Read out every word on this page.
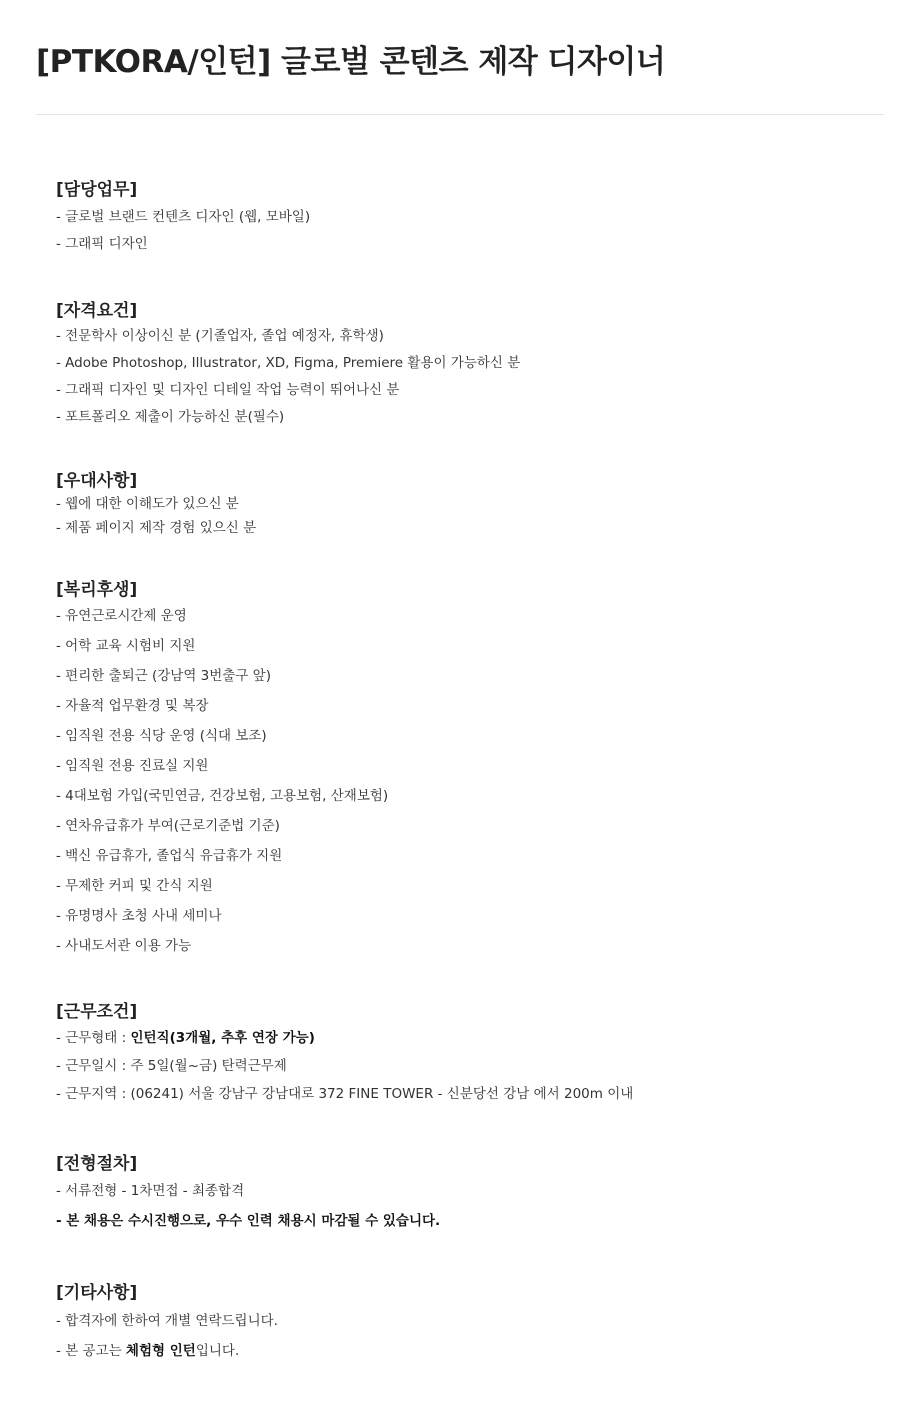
[PTKORA/인턴] 글로벌 콘텐츠 제작 디자이너
[담당업무]
- 글로벌 브랜드 컨텐츠 디자인 (웹, 모바일)
- 그래픽 디자인
[자격요건]
- 전문학사 이상이신 분 (기졸업자, 졸업 예정자, 휴학생)
- Adobe Photoshop, Illustrator, XD, Figma, Premiere 활용이 가능하신 분
- 그래픽 디자인 및 디자인 디테일 작업 능력이 뛰어나신 분
- 포트폴리오 제출이 가능하신 분(필수)
[우대사항]
- 웹에 대한 이해도가 있으신 분
- 제품 페이지 제작 경험 있으신 분
[복리후생]
- 유연근로시간제 운영
- 어학 교육 시험비 지원
- 편리한 출퇴근 (강남역 3번출구 앞)
- 자율적 업무환경 및 복장
- 임직원 전용 식당 운영 (식대 보조)
- 임직원 전용 진료실 지원
- 4대보험 가입(국민연금, 건강보험, 고용보험, 산재보험)
- 연차유급휴가 부여(근로기준법 기준)
- 백신 유급휴가, 졸업식 유급휴가 지원
- 무제한 커피 및 간식 지원
- 유명명사 초청 사내 세미나
- 사내도서관 이용 가능
[근무조건]
- 근무형태 : 인턴직(3개월, 추후 연장 가능)
- 근무일시 : 주 5일(월~금) 탄력근무제
- 근무지역 : (06241) 서울 강남구 강남대로 372 FINE TOWER - 신분당선 강남 에서 200m 이내
[전형절차]
- 서류전형 - 1차면접 - 최종합격
- 본 채용은 수시진행으로, 우수 인력 채용시 마감될 수 있습니다.
[기타사항]
- 합격자에 한하여 개별 연락드립니다.
- 본 공고는 체험형 인턴입니다.
